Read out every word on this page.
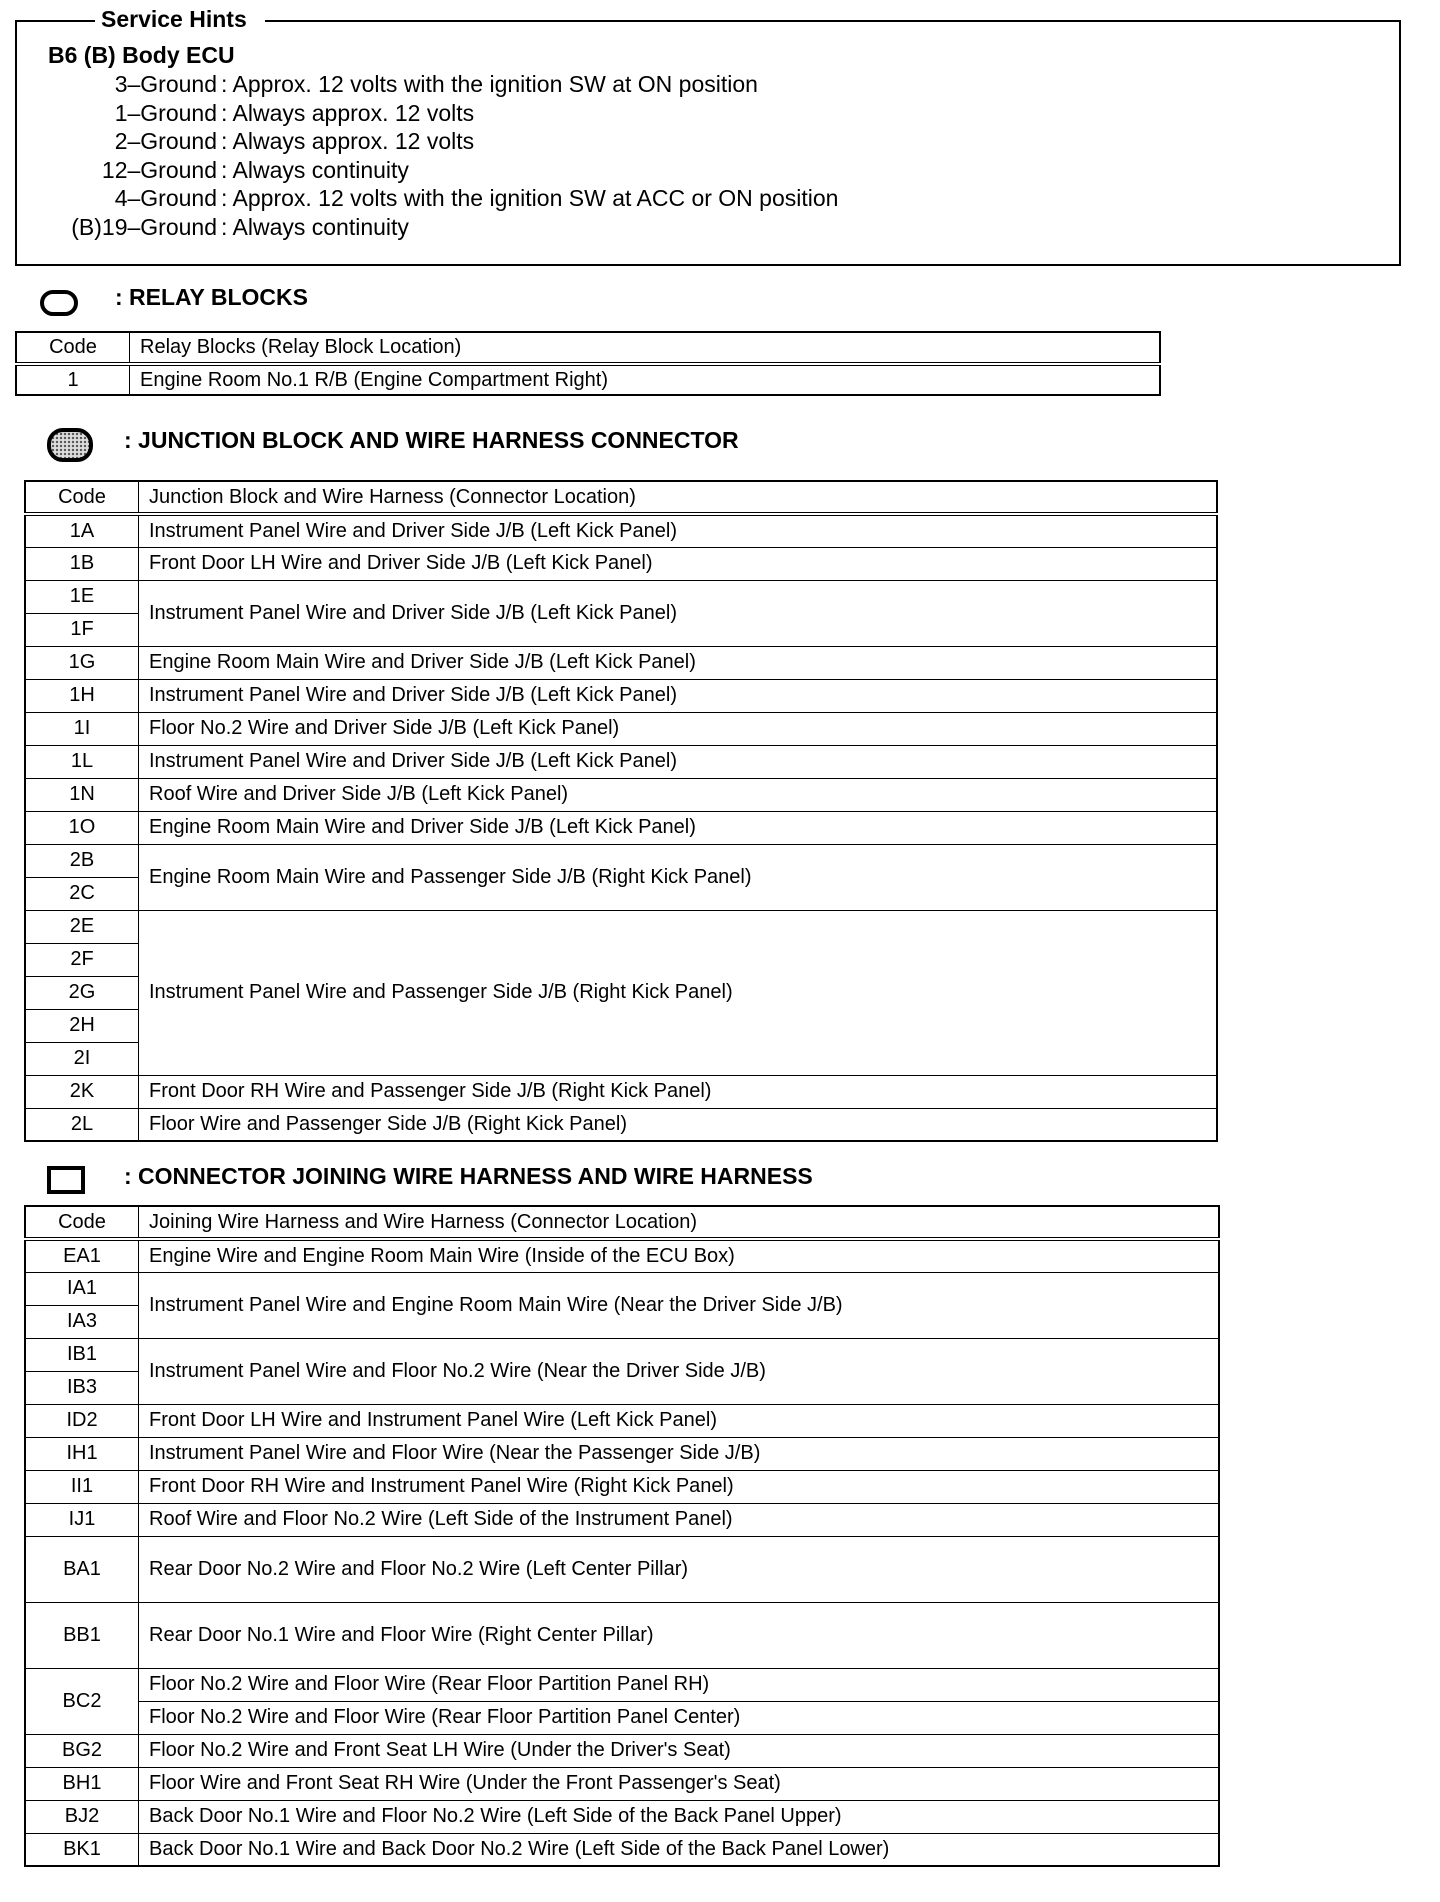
Service Hints
B6 (B) Body ECU
3–Ground : Approx. 12 volts with the ignition SW at ON position
1–Ground : Always approx. 12 volts
2–Ground : Always approx. 12 volts
12–Ground : Always continuity
4–Ground : Approx. 12 volts with the ignition SW at ACC or ON position
(B)19–Ground : Always continuity
: RELAY BLOCKS
Code	Relay Blocks (Relay Block Location)
1	Engine Room No.1 R/B (Engine Compartment Right)
: JUNCTION BLOCK AND WIRE HARNESS CONNECTOR
Code	Junction Block and Wire Harness (Connector Location)
1A	Instrument Panel Wire and Driver Side J/B (Left Kick Panel)
1B	Front Door LH Wire and Driver Side J/B (Left Kick Panel)
1E	Instrument Panel Wire and Driver Side J/B (Left Kick Panel)
1F	
1G	Engine Room Main Wire and Driver Side J/B (Left Kick Panel)
1H	Instrument Panel Wire and Driver Side J/B (Left Kick Panel)
1I	Floor No.2 Wire and Driver Side J/B (Left Kick Panel)
1L	Instrument Panel Wire and Driver Side J/B (Left Kick Panel)
1N	Roof Wire and Driver Side J/B (Left Kick Panel)
1O	Engine Room Main Wire and Driver Side J/B (Left Kick Panel)
2B	Engine Room Main Wire and Passenger Side J/B (Right Kick Panel)
2C	
2E	Instrument Panel Wire and Passenger Side J/B (Right Kick Panel)
2F	
2G	
2H	
2I	
2K	Front Door RH Wire and Passenger Side J/B (Right Kick Panel)
2L	Floor Wire and Passenger Side J/B (Right Kick Panel)
: CONNECTOR JOINING WIRE HARNESS AND WIRE HARNESS
Code	Joining Wire Harness and Wire Harness (Connector Location)
EA1	Engine Wire and Engine Room Main Wire (Inside of the ECU Box)
IA1	Instrument Panel Wire and Engine Room Main Wire (Near the Driver Side J/B)
IA3	
IB1	Instrument Panel Wire and Floor No.2 Wire (Near the Driver Side J/B)
IB3	
ID2	Front Door LH Wire and Instrument Panel Wire (Left Kick Panel)
IH1	Instrument Panel Wire and Floor Wire (Near the Passenger Side J/B)
II1	Front Door RH Wire and Instrument Panel Wire (Right Kick Panel)
IJ1	Roof Wire and Floor No.2 Wire (Left Side of the Instrument Panel)
BA1	Rear Door No.2 Wire and Floor No.2 Wire (Left Center Pillar)
BB1	Rear Door No.1 Wire and Floor Wire (Right Center Pillar)
BC2	Floor No.2 Wire and Floor Wire (Rear Floor Partition Panel RH)
	Floor No.2 Wire and Floor Wire (Rear Floor Partition Panel Center)
BG2	Floor No.2 Wire and Front Seat LH Wire (Under the Driver's Seat)
BH1	Floor Wire and Front Seat RH Wire (Under the Front Passenger's Seat)
BJ2	Back Door No.1 Wire and Floor No.2 Wire (Left Side of the Back Panel Upper)
BK1	Back Door No.1 Wire and Back Door No.2 Wire (Left Side of the Back Panel Lower)
